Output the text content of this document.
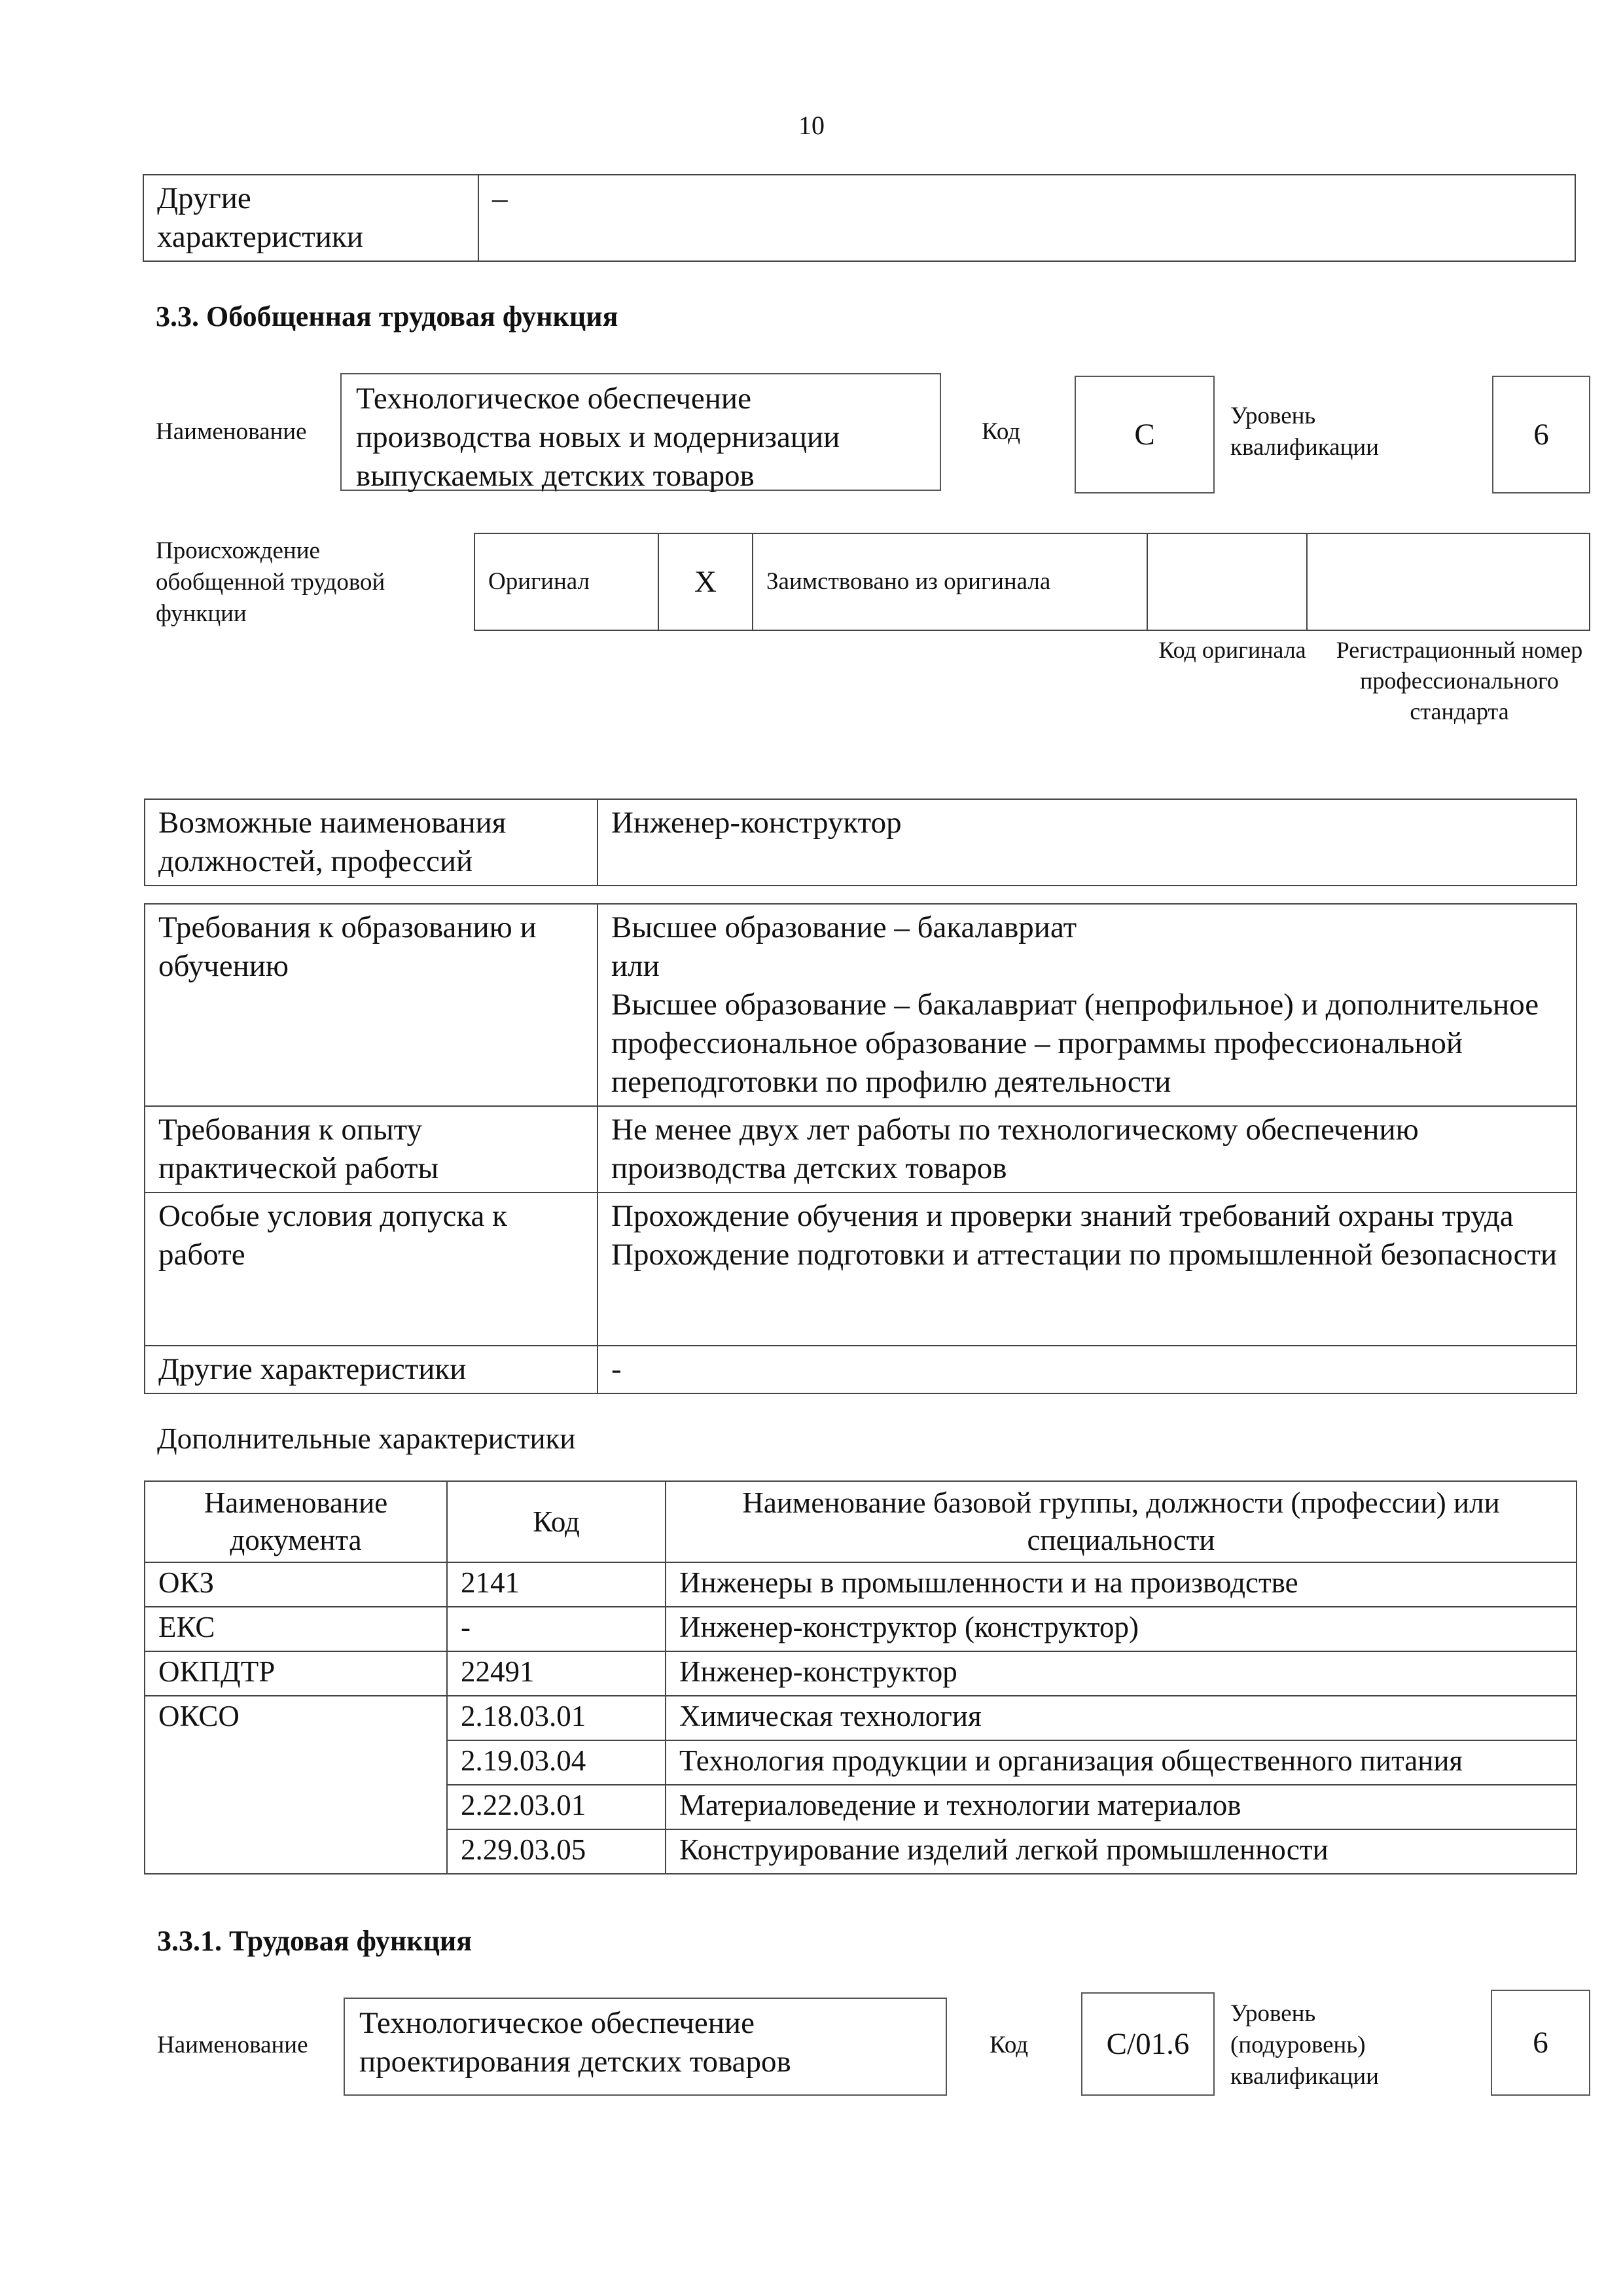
10
Другие характеристики	–
3.3. Обобщенная трудовая функция
Наименование
Технологическое обеспечение производства новых и модернизации выпускаемых детских товаров
Код	С
Уровень квалификации	6
Происхождение обобщенной трудовой функции
Оригинал	X	Заимствовано из оригинала		
Код оригинала	Регистрационный номер профессионального стандарта
Возможные наименования должностей, профессий	Инженер-конструктор
Требования к образованию и обучению	Высшее образование – бакалавриат
или
Высшее образование – бакалавриат (непрофильное) и дополнительное профессиональное образование – программы профессиональной переподготовки по профилю деятельности

Требования к опыту практической работы	Не менее двух лет работы по технологическому обеспечению производства детских товаров
Особые условия допуска к работе	Прохождение обучения и проверки знаний требований охраны труда
Прохождение подготовки и аттестации по промышленной безопасности

Другие характеристики	-
Дополнительные характеристики
Наименование документа	Код	Наименование базовой группы, должности (профессии) или специальности
ОКЗ	2141	Инженеры в промышленности и на производстве
ЕКС	-	Инженер-конструктор (конструктор)
ОКПДТР	22491	Инженер-конструктор
ОКСО	2.18.03.01	Химическая технология
	2.19.03.04	Технология продукции и организация общественного питания
	2.22.03.01	Материаловедение и технологии материалов
	2.29.03.05	Конструирование изделий легкой промышленности
3.3.1. Трудовая функция
Наименование
Технологическое обеспечение проектирования детских товаров	Код	С/01.6
Уровень (подуровень) квалификации
6
